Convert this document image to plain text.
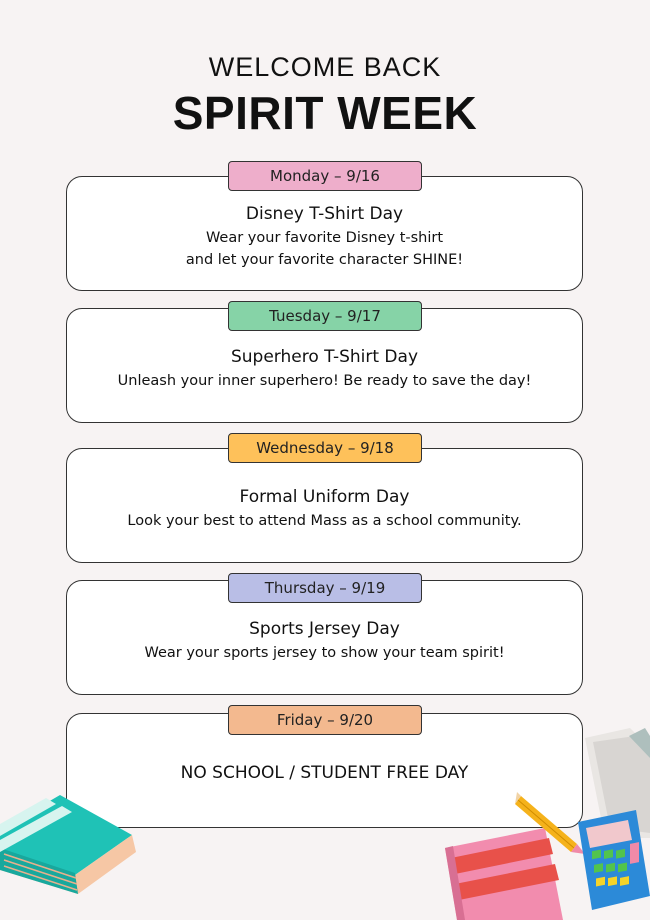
WELCOME BACK
SPIRIT WEEK
Monday – 9/16
Disney T-Shirt Day
Wear your favorite Disney t-shirt
and let your favorite character SHINE!
Tuesday – 9/17
Superhero T-Shirt Day
Unleash your inner superhero! Be ready to save the day!
Wednesday – 9/18
Formal Uniform Day
Look your best to attend Mass as a school community.
Thursday – 9/19
Sports Jersey Day
Wear your sports jersey to show your team spirit!
Friday – 9/20
NO SCHOOL / STUDENT FREE DAY
